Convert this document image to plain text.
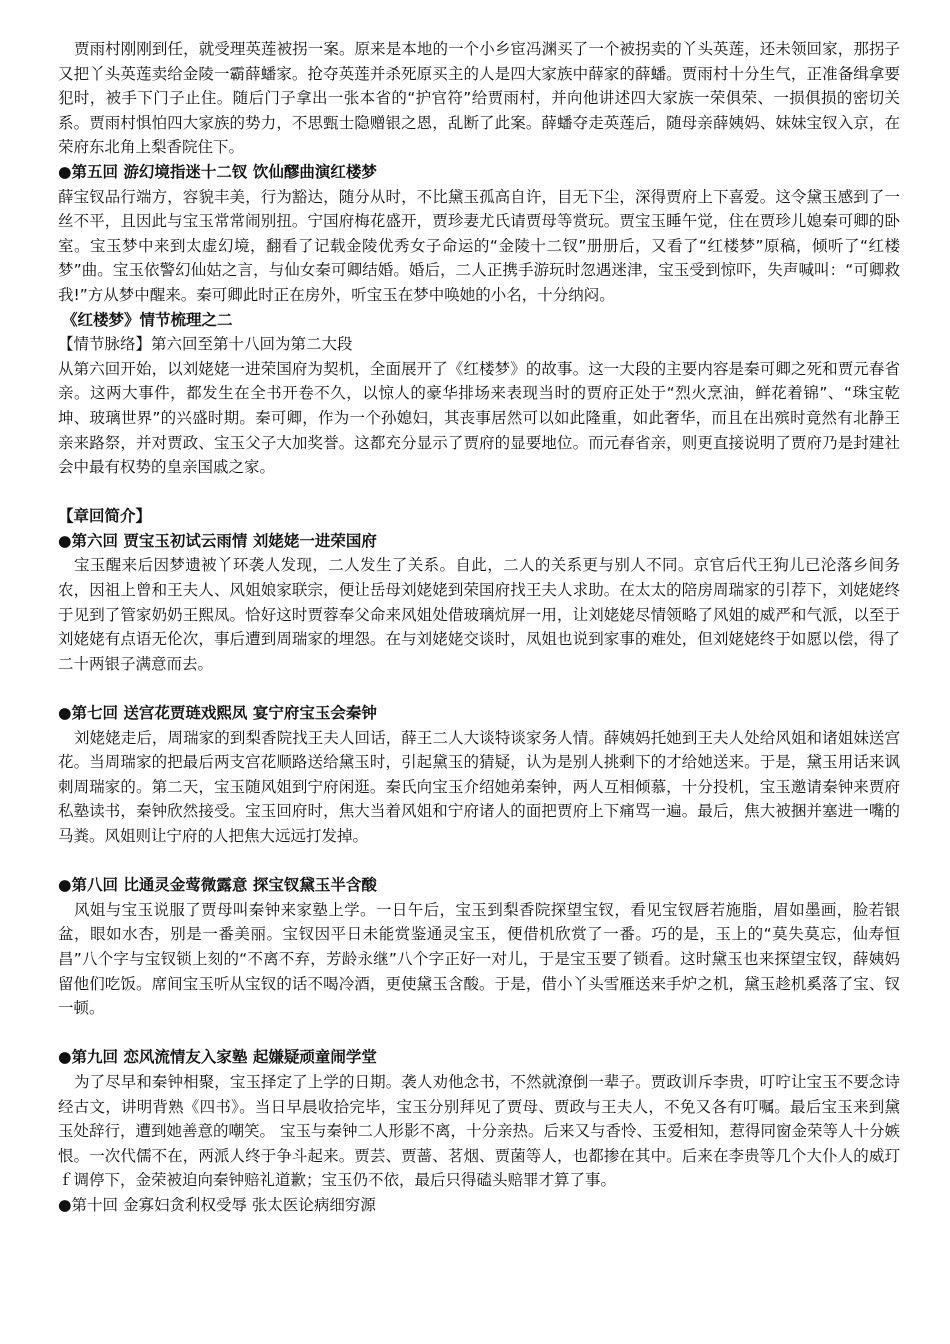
贾雨村刚刚到任，就受理英莲被拐一案。原来是本地的一个小乡宦冯渊买了一个被拐卖的丫头英莲，还未领回家，那拐子又把丫头英莲卖给金陵一霸薛蟠家。抢夺英莲并杀死原买主的人是四大家族中薛家的薛蟠。贾雨村十分生气，正准备缉拿要犯时，被手下门子止住。随后门子拿出一张本省的“护官符”给贾雨村，并向他讲述四大家族一荣俱荣、一损俱损的密切关系。贾雨村惧怕四大家族的势力，不思甄士隐赠银之恩，乱断了此案。薛蟠夺走英莲后，随母亲薛姨妈、妹妹宝钗入京，在荣府东北角上梨香院住下。

●第五回 游幻境指迷十二钗 饮仙醪曲演红楼梦

薛宝钗品行端方，容貌丰美，行为豁达，随分从时，不比黛玉孤高自许，目无下尘，深得贾府上下喜爱。这令黛玉感到了一丝不平，且因此与宝玉常常闹别扭。宁国府梅花盛开，贾珍妻尤氏请贾母等赏玩。贾宝玉睡午觉，住在贾珍儿媳秦可卿的卧室。宝玉梦中来到太虚幻境，翻看了记载金陵优秀女子命运的“金陵十二钗”册册后，又看了“红楼梦”原稿，倾听了“红楼梦”曲。宝玉依警幻仙姑之言，与仙女秦可卿结婚。婚后，二人正携手游玩时忽遇迷津，宝玉受到惊吓，失声喊叫：“可卿救我!”方从梦中醒来。秦可卿此时正在房外，听宝玉在梦中唤她的小名，十分纳闷。

《红楼梦》情节梳理之二

【情节脉络】第六回至第十八回为第二大段

从第六回开始，以刘姥姥一进荣国府为契机，全面展开了《红楼梦》的故事。这一大段的主要内容是秦可卿之死和贾元春省亲。这两大事件，都发生在全书开卷不久，以惊人的豪华排场来表现当时的贾府正处于“烈火烹油，鲜花着锦”、“珠宝乾坤、玻璃世界”的兴盛时期。秦可卿，作为一个孙媳妇，其丧事居然可以如此隆重，如此奢华，而且在出殡时竟然有北静王亲来路祭，并对贾政、宝玉父子大加奖誉。这都充分显示了贾府的显要地位。而元春省亲，则更直接说明了贾府乃是封建社会中最有权势的皇亲国戚之家。

【章回简介】

●第六回 贾宝玉初试云雨情 刘姥姥一进荣国府

宝玉醒来后因梦遗被丫环袭人发现，二人发生了关系。自此，二人的关系更与别人不同。京官后代王狗儿已沦落乡间务农，因祖上曾和王夫人、风姐娘家联宗，便让岳母刘姥姥到荣国府找王夫人求助。在太太的陪房周瑞家的引荐下，刘姥姥终于见到了管家奶奶王熙凤。恰好这时贾蓉奉父命来风姐处借玻璃炕屏一用，让刘姥姥尽情领略了风姐的威严和气派，以至于刘姥姥有点语无伦次，事后遭到周瑞家的埋怨。在与刘姥姥交谈时，凤姐也说到家事的难处，但刘姥姥终于如愿以偿，得了二十两银子满意而去。

●第七回 送宫花贾琏戏熙凤 宴宁府宝玉会秦钟

刘姥姥走后，周瑞家的到梨香院找王夫人回话，薛王二人大谈特谈家务人情。薛姨妈托她到王夫人处给风姐和诸姐妹送宫花。当周瑞家的把最后两支宫花顺路送给黛玉时，引起黛玉的猜疑，认为是别人挑剩下的才给她送来。于是，黛玉用话来讽刺周瑞家的。第二天，宝玉随风姐到宁府闲逛。秦氏向宝玉介绍她弟秦钟，两人互相倾慕，十分投机，宝玉邀请秦钟来贾府私塾读书，秦钟欣然接受。宝玉回府时，焦大当着风姐和宁府诸人的面把贾府上下痛骂一遍。最后，焦大被捆并塞进一嘴的马粪。风姐则让宁府的人把焦大远远打发掉。

●第八回 比通灵金莺微露意 探宝钗黛玉半含酸

风姐与宝玉说服了贾母叫秦钟来家塾上学。一日午后，宝玉到梨香院探望宝钗，看见宝钗唇若施脂，眉如墨画，脸若银盆，眼如水杏，别是一番美丽。宝钗因平日未能赏鉴通灵宝玉，便借机欣赏了一番。巧的是，玉上的“莫失莫忘，仙寿恒昌”八个字与宝钗锁上刻的“不离不弃，芳龄永继”八个字正好一对儿，于是宝玉要了锁看。这时黛玉也来探望宝钗，薛姨妈留他们吃饭。席间宝玉听从宝钗的话不喝冷酒，更使黛玉含酸。于是，借小丫头雪雁送来手炉之机，黛玉趁机奚落了宝、钗一顿。

●第九回 恋风流情友入家塾 起嫌疑顽童闹学堂

为了尽早和秦钟相聚，宝玉择定了上学的日期。袭人劝他念书，不然就潦倒一辈子。贾政训斥李贵，叮咛让宝玉不要念诗经古文，讲明背熟《四书》。当日早晨收拾完毕，宝玉分别拜见了贾母、贾政与王夫人，不免又各有叮嘱。最后宝玉来到黛玉处辞行，遭到她善意的嘲笑。 宝玉与秦钟二人形影不离，十分亲热。后来又与香怜、玉爱相知，惹得同窗金荣等人十分嫉恨。一次代儒不在，两派人终于争斗起来。贾芸、贾蔷、茗烟、贾菌等人，也都掺在其中。后来在李贵等几个大仆人的威玎ｆ调停下，金荣被迫向秦钟赔礼道歉；宝玉仍不依，最后只得磕头赔罪才算了事。

●第十回 金寡妇贪利权受辱 张太医论病细穷源
